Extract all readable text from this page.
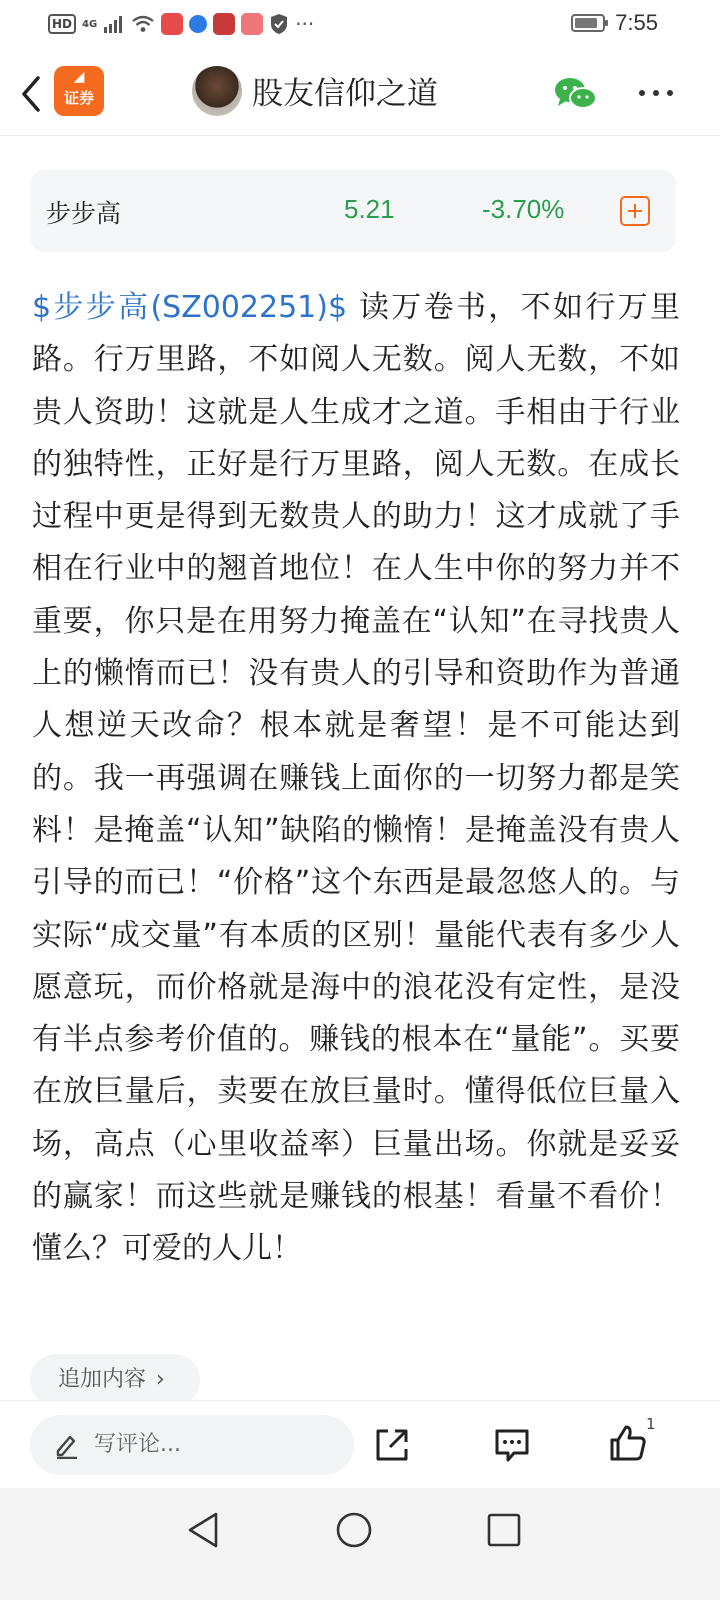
HD	4G	···	7:55
◢
证券	股友信仰之道
步步高	5.21	-3.70%
$步步高(SZ002251)$ 读万卷书，不如行万里路。行万里路，不如阅人无数。阅人无数，不如贵人资助！这就是人生成才之道。手相由于行业的独特性，正好是行万里路，阅人无数。在成长过程中更是得到无数贵人的助力！这才成就了手相在行业中的翘首地位！在人生中你的努力并不重要，你只是在用努力掩盖在“认知”在寻找贵人上的懒惰而已！没有贵人的引导和资助作为普通人想逆天改命？根本就是奢望！是不可能达到的。我一再强调在赚钱上面你的一切努力都是笑料！是掩盖“认知”缺陷的懒惰！是掩盖没有贵人引导的而已！“价格”这个东西是最忽悠人的。与实际“成交量”有本质的区别！量能代表有多少人愿意玩，而价格就是海中的浪花没有定性，是没有半点参考价值的。赚钱的根本在“量能”。买要在放巨量后，卖要在放巨量时。懂得低位巨量入场，高点（心里收益率）巨量出场。你就是妥妥的赢家！而这些就是赚钱的根基！看量不看价！懂么？可爱的人儿！
追加内容 ›
写评论...
1
